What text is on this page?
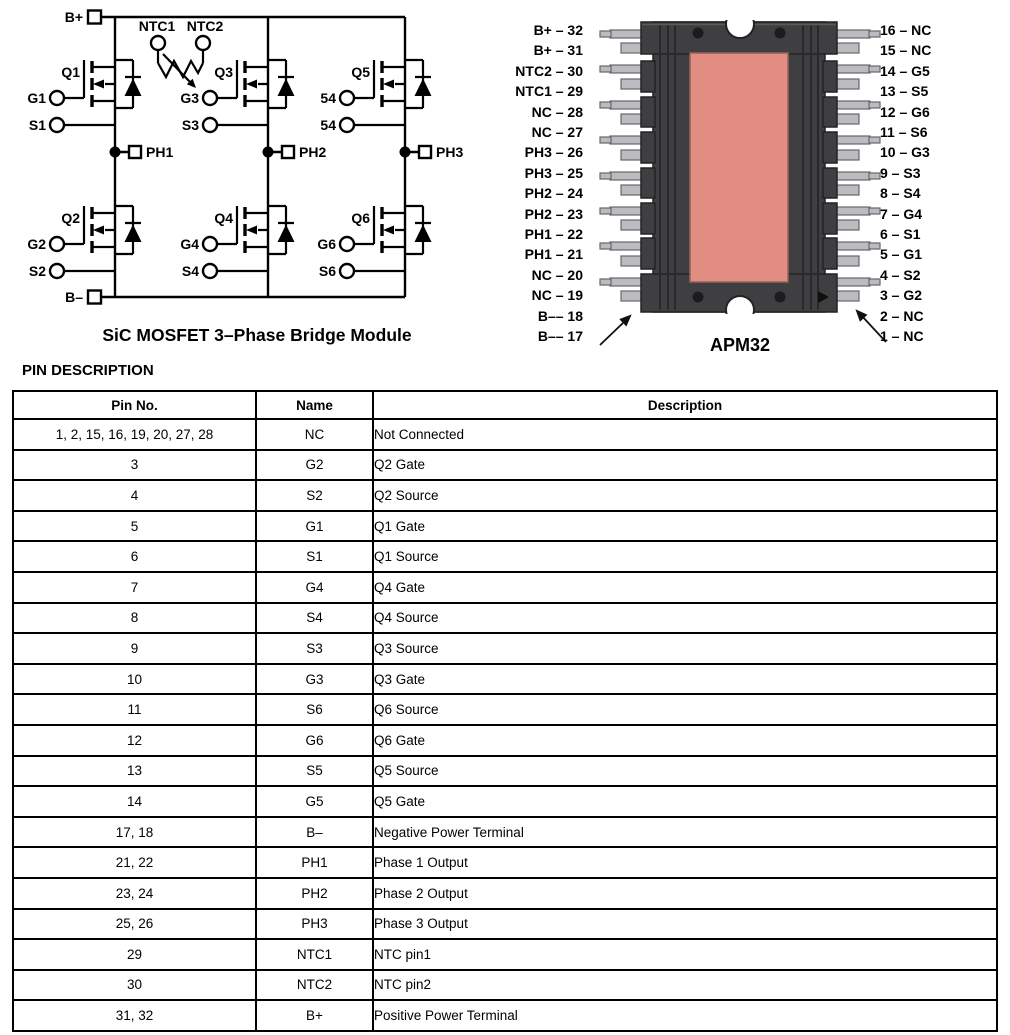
B+
B–
NTC1 NTC2
Q1	Q3	Q5
G1
S1
G3
S3
54
54
Q2	Q4	Q6
G2
S2
G4
S4
G6
S6
PH1	PH2	PH3
SiC MOSFET 3–Phase Bridge Module
B+ – 32
B+ – 31
NTC2 – 30
NTC1 – 29
NC – 28
NC – 27
PH3 – 26
PH3 – 25
PH2 – 24
PH2 – 23
PH1 – 22
PH1 – 21
NC – 20
NC – 19
B–– 18
B–– 17
16 – NC
15 – NC
14 – G5
13 – S5
12 – G6
11 – S6
10 – G3
9 – S3
8 – S4
7 – G4
6 – S1
5 – G1
4 – S2
3 – G2
2 – NC
1 – NC
APM32
PIN DESCRIPTION
Pin No.	Name	Description
1, 2, 15, 16, 19, 20, 27, 28	NC	Not Connected
3	G2	Q2 Gate
4	S2	Q2 Source
5	G1	Q1 Gate
6	S1	Q1 Source
7	G4	Q4 Gate
8	S4	Q4 Source
9	S3	Q3 Source
10	G3	Q3 Gate
11	S6	Q6 Source
12	G6	Q6 Gate
13	S5	Q5 Source
14	G5	Q5 Gate
17, 18	B–	Negative Power Terminal
21, 22	PH1	Phase 1 Output
23, 24	PH2	Phase 2 Output
25, 26	PH3	Phase 3 Output
29	NTC1	NTC pin1
30	NTC2	NTC pin2
31, 32	B+	Positive Power Terminal
